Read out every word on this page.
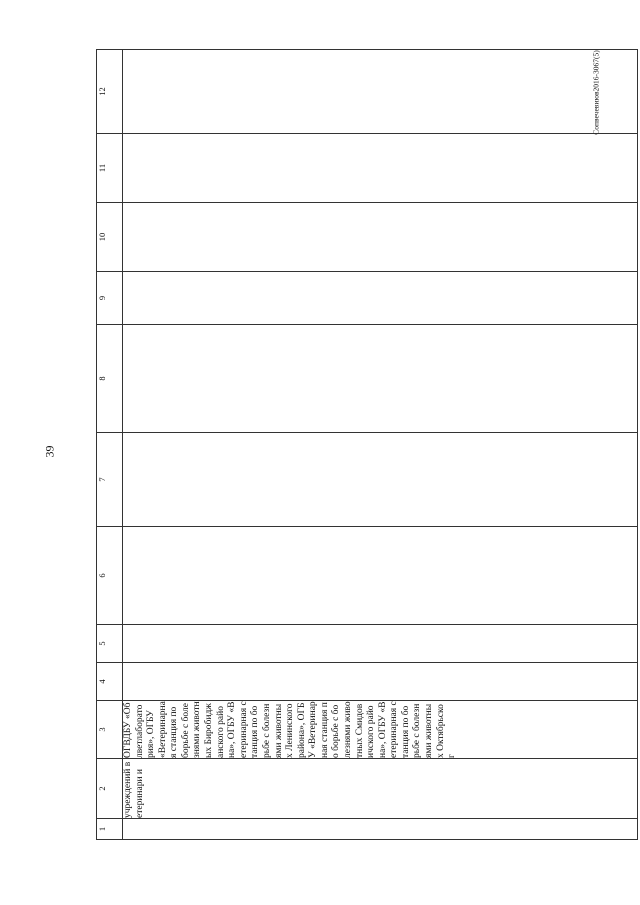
39
Сопвечевиюв2016-3067(5)
1	2	3	4	5	6	7	8	9	10	11	12
	учреждений ветеринари и	ОГВДБУ «Облветлаборатория», ОГБУ «Ветеринарная станция по борьбе с болезнями животных Биробиджанского района», ОГБУ «Ветеринарная станция по борьбе с болезнями животных Ленинского района», ОГБУ «Ветеринарная станция по борьбе с болезнями животных Смидовичского района», ОГБУ «Ветеринарная станция по борьбе с болезнями животных Октябрьског									
